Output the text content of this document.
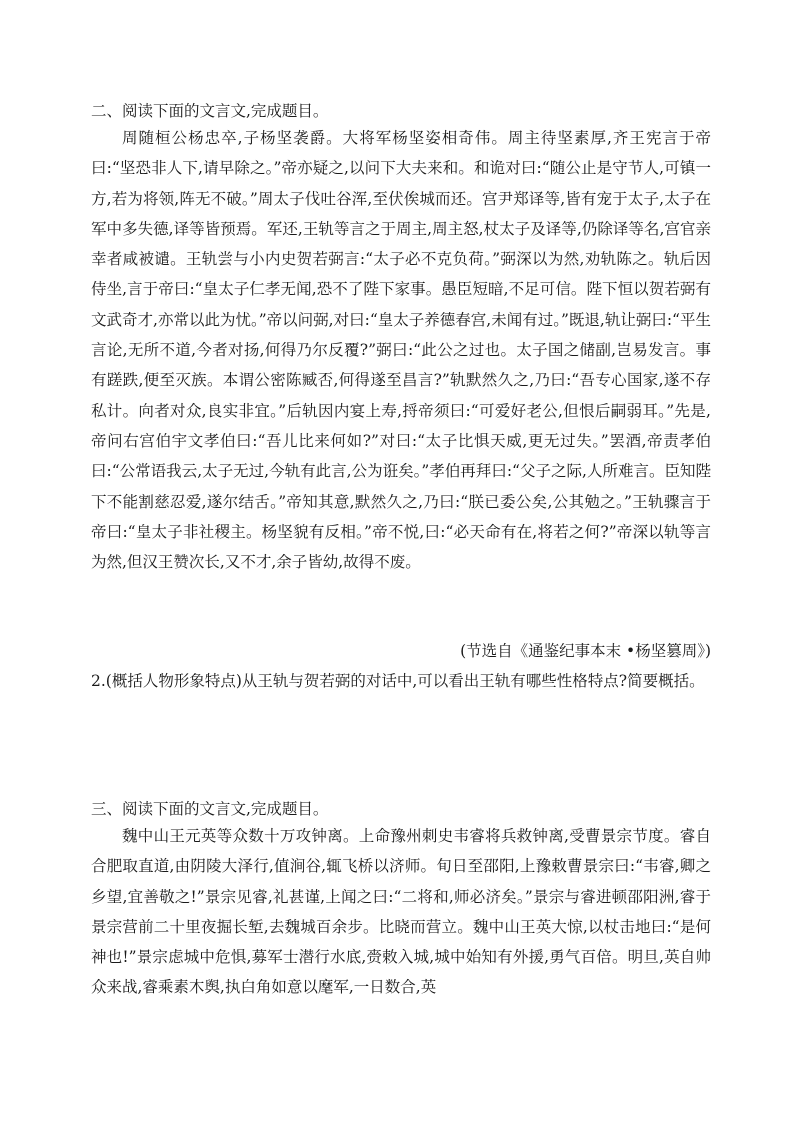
二、阅读下面的文言文,完成题目。

周随桓公杨忠卒,子杨坚袭爵。大将军杨坚姿相奇伟。周主待坚素厚,齐王宪言于帝曰:“坚恐非人下,请早除之。”帝亦疑之,以问下大夫来和。和诡对曰:“随公止是守节人,可镇一方,若为将领,阵无不破。”周太子伐吐谷浑,至伏俟城而还。宫尹郑译等,皆有宠于太子,太子在军中多失德,译等皆预焉。军还,王轨等言之于周主,周主怒,杖太子及译等,仍除译等名,宫官亲幸者咸被谴。王轨尝与小内史贺若弼言:“太子必不克负荷。”弼深以为然,劝轨陈之。轨后因侍坐,言于帝曰:“皇太子仁孝无闻,恐不了陛下家事。愚臣短暗,不足可信。陛下恒以贺若弼有文武奇才,亦常以此为忧。”帝以问弼,对曰:“皇太子养德春宫,未闻有过。”既退,轨让弼曰:“平生言论,无所不道,今者对扬,何得乃尔反覆?”弼曰:“此公之过也。太子国之储副,岂易发言。事有蹉跌,便至灭族。本谓公密陈臧否,何得遂至昌言?”轨默然久之,乃曰:“吾专心国家,遂不存私计。向者对众,良实非宜。”后轨因内宴上寿,捋帝须曰:“可爱好老公,但恨后嗣弱耳。”先是,帝问右宫伯宇文孝伯曰:“吾儿比来何如?”对曰:“太子比惧天威,更无过失。”罢酒,帝责孝伯曰:“公常语我云,太子无过,今轨有此言,公为诳矣。”孝伯再拜曰:“父子之际,人所难言。臣知陛下不能割慈忍爱,遂尔结舌。”帝知其意,默然久之,乃曰:“朕已委公矣,公其勉之。”王轨骤言于帝曰:“皇太子非社稷主。杨坚貌有反相。”帝不悦,曰:“必天命有在,将若之何?”帝深以轨等言为然,但汉王赞次长,又不才,余子皆幼,故得不废。

(节选自《通鉴纪事本末 •杨坚篡周》)

2.(概括人物形象特点)从王轨与贺若弼的对话中,可以看出王轨有哪些性格特点?简要概括。

三、阅读下面的文言文,完成题目。

魏中山王元英等众数十万攻钟离。上命豫州刺史韦睿将兵救钟离,受曹景宗节度。睿自合肥取直道,由阴陵大泽行,值涧谷,辄飞桥以济师。旬日至邵阳,上豫敕曹景宗曰:“韦睿,卿之乡望,宜善敬之!”景宗见睿,礼甚谨,上闻之曰:“二将和,师必济矣。”景宗与睿进顿邵阳洲,睿于景宗营前二十里夜掘长堑,去魏城百余步。比晓而营立。魏中山王英大惊,以杖击地曰:“是何神也!”景宗虑城中危惧,募军士潜行水底,赍敕入城,城中始知有外援,勇气百倍。明旦,英自帅众来战,睿乘素木舆,执白角如意以麾军,一日数合,英
